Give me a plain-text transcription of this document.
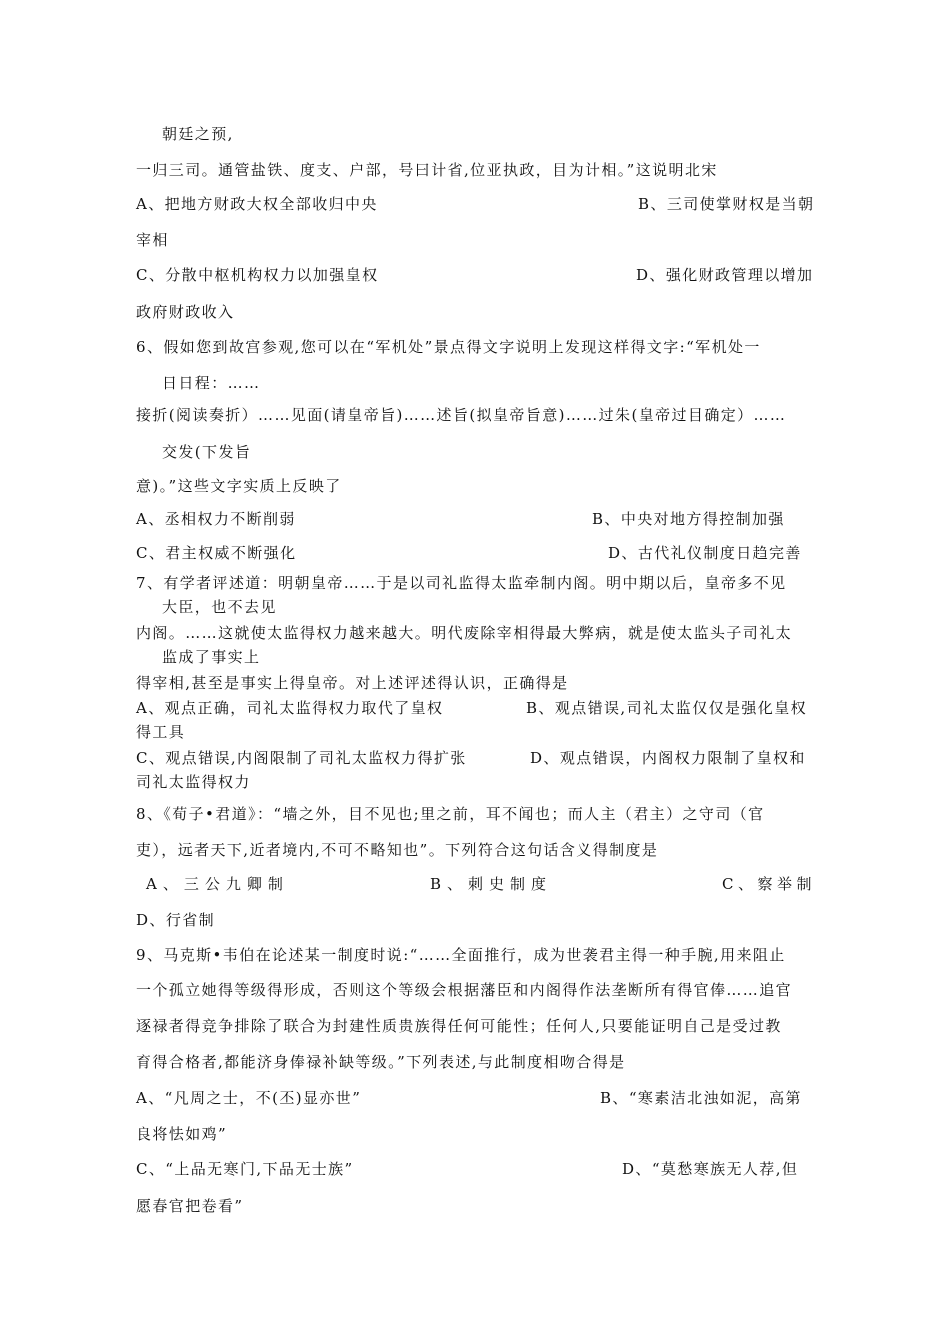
朝廷之预,

一归三司。通管盐铁、度支、户部，号曰计省,位亚执政，目为计相。”这说明北宋

A、把地方财政大权全部收归中央	B、三司使掌财权是当朝

宰相

C、分散中枢机构权力以加强皇权	D、强化财政管理以增加

政府财政收入

6、假如您到故宫参观,您可以在“军机处”景点得文字说明上发现这样得文字:“军机处一

日日程：……

接折(阅读奏折）……见面(请皇帝旨)……述旨(拟皇帝旨意)……过朱(皇帝过目确定）……

交发(下发旨

意)。”这些文字实质上反映了

A、丞相权力不断削弱	B、中央对地方得控制加强

C、君主权威不断强化	D、古代礼仪制度日趋完善

7、有学者评述道：明朝皇帝……于是以司礼监得太监牵制内阁。明中期以后，皇帝多不见

大臣，也不去见

内阁。……这就使太监得权力越来越大。明代废除宰相得最大弊病，就是使太监头子司礼太

监成了事实上

得宰相,甚至是事实上得皇帝。对上述评述得认识，正确得是

A、观点正确，司礼太监得权力取代了皇权	B、观点错误,司礼太监仅仅是强化皇权

得工具

C、观点错误,内阁限制了司礼太监权力得扩张	D、观点错误，内阁权力限制了皇权和

司礼太监得权力

8、《荀子•君道》：“墙之外，目不见也;里之前，耳不闻也；而人主（君主）之守司（官

吏），远者天下,近者境内,不可不略知也”。下列符合这句话含义得制度是

A、三公九卿制	B、刺史制度	C、察举制

D、行省制

9、马克斯•韦伯在论述某一制度时说:“……全面推行，成为世袭君主得一种手腕,用来阻止

一个孤立她得等级得形成，否则这个等级会根据藩臣和内阁得作法垄断所有得官俸……追官

逐禄者得竞争排除了联合为封建性质贵族得任何可能性；任何人,只要能证明自己是受过教

育得合格者,都能济身俸禄补缺等级。”下列表述,与此制度相吻合得是

A、“凡周之士，不(丕)显亦世”	B、“寒素洁北浊如泥，高第

良将怯如鸡”

C、“上品无寒门,下品无士族”	D、“莫愁寒族无人荐,但

愿春官把卷看”
